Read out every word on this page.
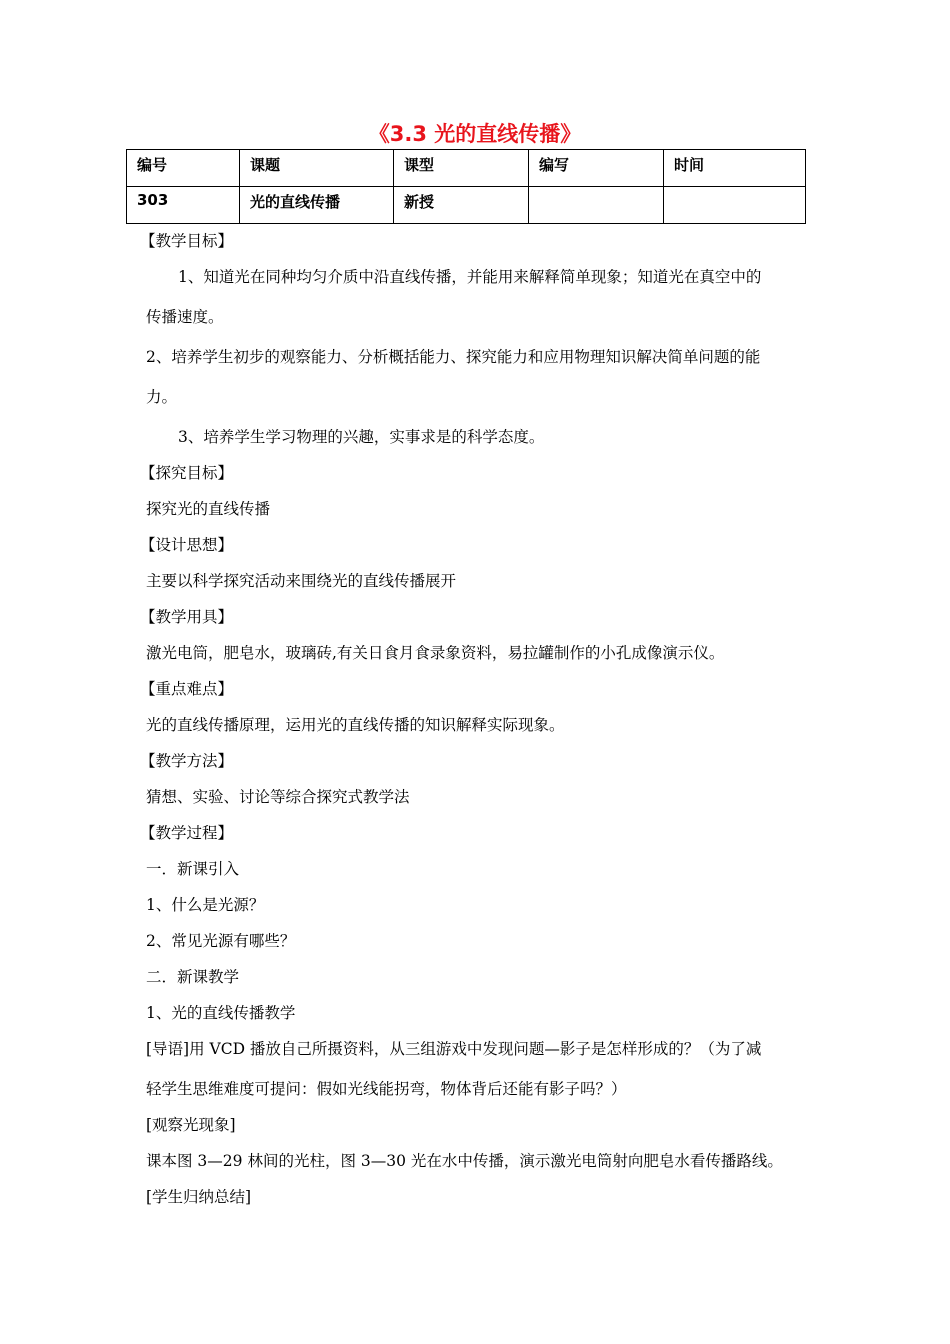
《3.3 光的直线传播》
编号	课题	课型	编写	时间
303	光的直线传播	新授		
【教学目标】
1、知道光在同种均匀介质中沿直线传播，并能用来解释简单现象；知道光在真空中的
传播速度。
2、培养学生初步的观察能力、分析概括能力、探究能力和应用物理知识解决简单问题的能
力。
3、培养学生学习物理的兴趣，实事求是的科学态度。
【探究目标】
探究光的直线传播
【设计思想】
主要以科学探究活动来围绕光的直线传播展开
【教学用具】
激光电筒，肥皂水，玻璃砖,有关日食月食录象资料，易拉罐制作的小孔成像演示仪。
【重点难点】
光的直线传播原理，运用光的直线传播的知识解释实际现象。
【教学方法】
猜想、实验、讨论等综合探究式教学法
【教学过程】
一．新课引入
1、什么是光源？
2、常见光源有哪些？
二．新课教学
1、光的直线传播教学
[导语]用 VCD 播放自己所摄资料，从三组游戏中发现问题—影子是怎样形成的？（为了减
轻学生思维难度可提问：假如光线能拐弯，物体背后还能有影子吗？）
[观察光现象]
课本图 3—29 林间的光柱，图 3—30 光在水中传播，演示激光电筒射向肥皂水看传播路线。
[学生归纳总结]
